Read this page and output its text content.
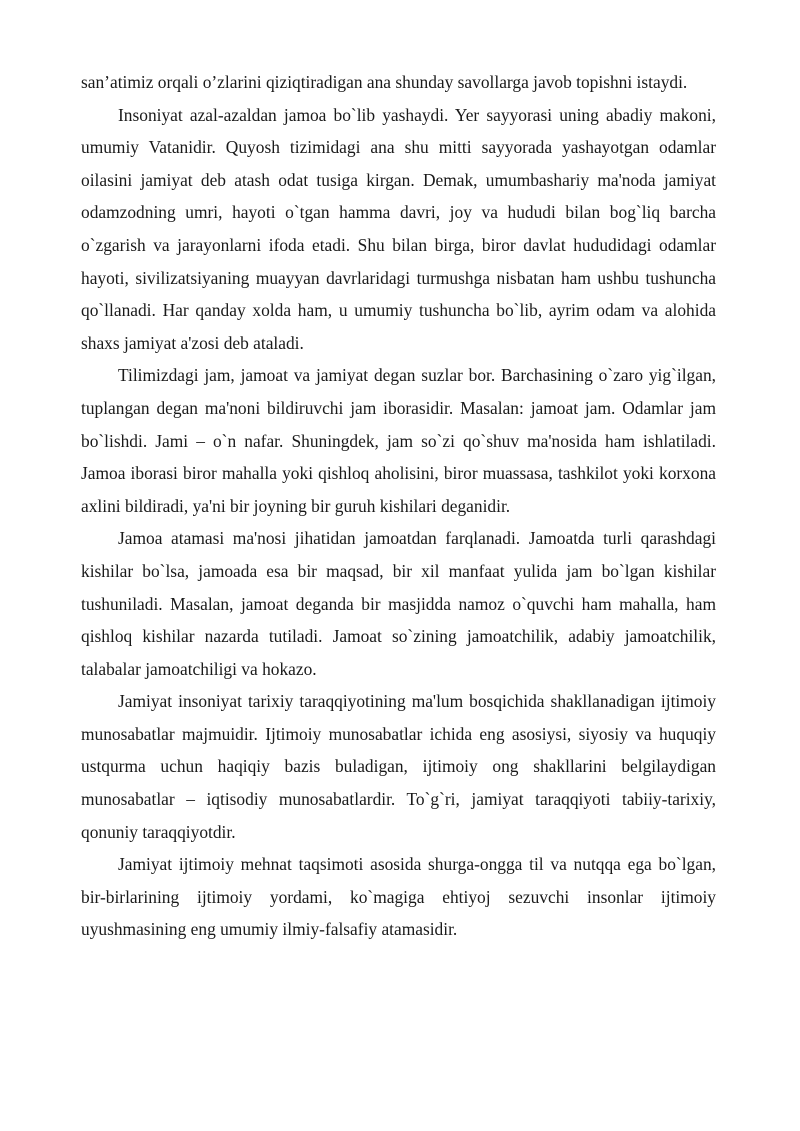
san’atimiz orqali o’zlarini qiziqtiradigan ana shunday savollarga javob topishni istaydi.

Insoniyat azal-azaldan jamoa bo`lib yashaydi. Yer sayyorasi uning abadiy makoni, umumiy Vatanidir. Quyosh tizimidagi ana shu mitti sayyorada yashayotgan odamlar oilasini jamiyat deb atash odat tusiga kirgan. Demak, umumbashariy ma'noda jamiyat odamzodning umri, hayoti o`tgan hamma davri, joy va hududi bilan bog`liq barcha o`zgarish va jarayonlarni ifoda etadi. Shu bilan birga, biror davlat hududidagi odamlar hayoti, sivilizatsiyaning muayyan davrlaridagi turmushga nisbatan ham ushbu tushuncha qo`llanadi. Har qanday xolda ham, u umumiy tushuncha bo`lib, ayrim odam va alohida shaxs jamiyat a'zosi deb ataladi.

Tilimizdagi jam, jamoat va jamiyat degan suzlar bor. Barchasining o`zaro yig`ilgan, tuplangan degan ma'noni bildiruvchi jam iborasidir. Masalan: jamoat jam. Odamlar jam bo`lishdi. Jami – o`n nafar. Shuningdek, jam so`zi qo`shuv ma'nosida ham ishlatiladi. Jamoa iborasi biror mahalla yoki qishloq aholisini, biror muassasa, tashkilot yoki korxona axlini bildiradi, ya'ni bir joyning bir guruh kishilari deganidir.

Jamoa atamasi ma'nosi jihatidan jamoatdan farqlanadi. Jamoatda turli qarashdagi kishilar bo`lsa, jamoada esa bir maqsad, bir xil manfaat yulida jam bo`lgan kishilar tushuniladi. Masalan, jamoat deganda bir masjidda namoz o`quvchi ham mahalla, ham qishloq kishilar nazarda tutiladi. Jamoat so`zining jamoatchilik, adabiy jamoatchilik, talabalar jamoatchiligi va hokazo.

Jamiyat insoniyat tarixiy taraqqiyotining ma'lum bosqichida shakllanadigan ijtimoiy munosabatlar majmuidir. Ijtimoiy munosabatlar ichida eng asosiysi, siyosiy va huquqiy ustqurma uchun haqiqiy bazis buladigan, ijtimoiy ong shakllarini belgilaydigan munosabatlar – iqtisodiy munosabatlardir. To`g`ri, jamiyat taraqqiyoti tabiiy-tarixiy, qonuniy taraqqiyotdir.

Jamiyat ijtimoiy mehnat taqsimoti asosida shurga-ongga til va nutqqa ega bo`lgan, bir-birlarining ijtimoiy yordami, ko`magiga ehtiyoj sezuvchi insonlar ijtimoiy uyushmasining eng umumiy ilmiy-falsafiy atamasidir.
